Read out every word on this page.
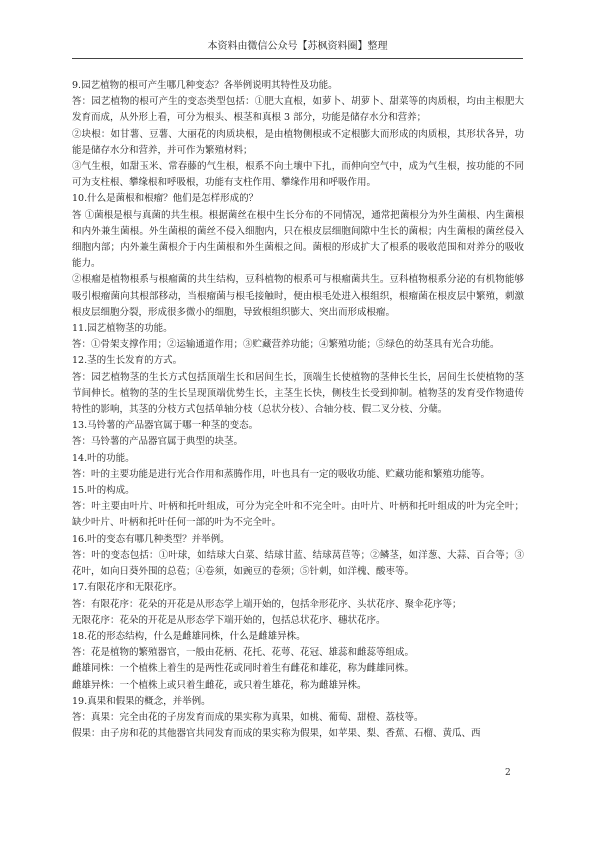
本资料由微信公众号【苏枫资料圈】整理

9.园艺植物的根可产生哪几种变态？各举例说明其特性及功能。

答：园艺植物的根可产生的变态类型包括：①肥大直根，如萝卜、胡萝卜、甜菜等的肉质根，均由主根肥大发育而成，从外形上看，可分为根头、根茎和真根 3 部分，功能是储存水分和营养；

②块根：如甘薯、豆薯、大丽花的肉质块根，是由植物侧根或不定根膨大而形成的肉质根，其形状各异，功能是储存水分和营养，并可作为繁殖材料；

③气生根，如甜玉米、常春藤的气生根，根系不向土壤中下扎，而伸向空气中，成为气生根，按功能的不同可为支柱根、攀缘根和呼吸根，功能有支柱作用、攀缘作用和呼吸作用。

10.什么是菌根和根瘤？他们是怎样形成的？

答 ①菌根是根与真菌的共生根。根据菌丝在根中生长分布的不同情况，通常把菌根分为外生菌根、内生菌根和内外兼生菌根。外生菌根的菌丝不侵入细胞内，只在根皮层细胞间隙中生长的菌根；内生菌根的菌丝侵入细胞内部；内外兼生菌根介于内生菌根和外生菌根之间。菌根的形成扩大了根系的吸收范围和对养分的吸收能力。

②根瘤是植物根系与根瘤菌的共生结构，豆科植物的根系可与根瘤菌共生。豆科植物根系分泌的有机物能够吸引根瘤菌向其根部移动，当根瘤菌与根毛接触时，便由根毛处进入根组织，根瘤菌在根皮层中繁殖，刺激根皮层细胞分裂，形成很多微小的细胞，导致根组织膨大、突出而形成根瘤。

11.园艺植物茎的功能。

答：①骨架支撑作用；②运输通道作用；③贮藏营养功能；④繁殖功能；⑤绿色的幼茎具有光合功能。

12.茎的生长发育的方式。

答：园艺植物茎的生长方式包括顶端生长和居间生长，顶端生长使植物的茎伸长生长，居间生长使植物的茎节间伸长。植物的茎的生长呈现顶端优势生长，主茎生长快，侧枝生长受到抑制。植物茎的发育受作物遗传特性的影响，其茎的分枝方式包括单轴分枝（总状分枝）、合轴分枝、假二叉分枝、分蘖。

13.马铃薯的产品器官属于哪一种茎的变态。

答：马铃薯的产品器官属于典型的块茎。

14.叶的功能。

答：叶的主要功能是进行光合作用和蒸腾作用，叶也具有一定的吸收功能、贮藏功能和繁殖功能等。

15.叶的构成。

答：叶主要由叶片、叶柄和托叶组成，可分为完全叶和不完全叶。由叶片、叶柄和托叶组成的叶为完全叶；缺少叶片、叶柄和托叶任何一部的叶为不完全叶。

16.叶的变态有哪几种类型？并举例。

答：叶的变态包括：①叶球，如结球大白菜、结球甘蓝、结球莴苣等；②鳞茎，如洋葱、大蒜、百合等；③花叶，如向日葵外围的总苞；④卷须，如豌豆的卷须；⑤针刺，如洋槐、酸枣等。

17.有限花序和无限花序。

答：有限花序：花朵的开花是从形态学上端开始的，包括伞形花序、头状花序、聚伞花序等；

无限花序：花朵的开花是从形态学下端开始的，包括总状花序、穗状花序。

18.花的形态结构，什么是雌雄同株，什么是雌雄异株。

答：花是植物的繁殖器官，一般由花柄、花托、花萼、花冠、雄蕊和雌蕊等组成。

雌雄同株：一个植株上着生的是两性花或同时着生有雌花和雄花，称为雌雄同株。

雌雄异株：一个植株上或只着生雌花，或只着生雄花，称为雌雄异株。

19.真果和假果的概念，并举例。

答：真果：完全由花的子房发育而成的果实称为真果，如桃、葡萄、甜橙、荔枝等。

假果：由子房和花的其他器官共同发育而成的果实称为假果，如苹果、梨、香蕉、石榴、黄瓜、西

2
